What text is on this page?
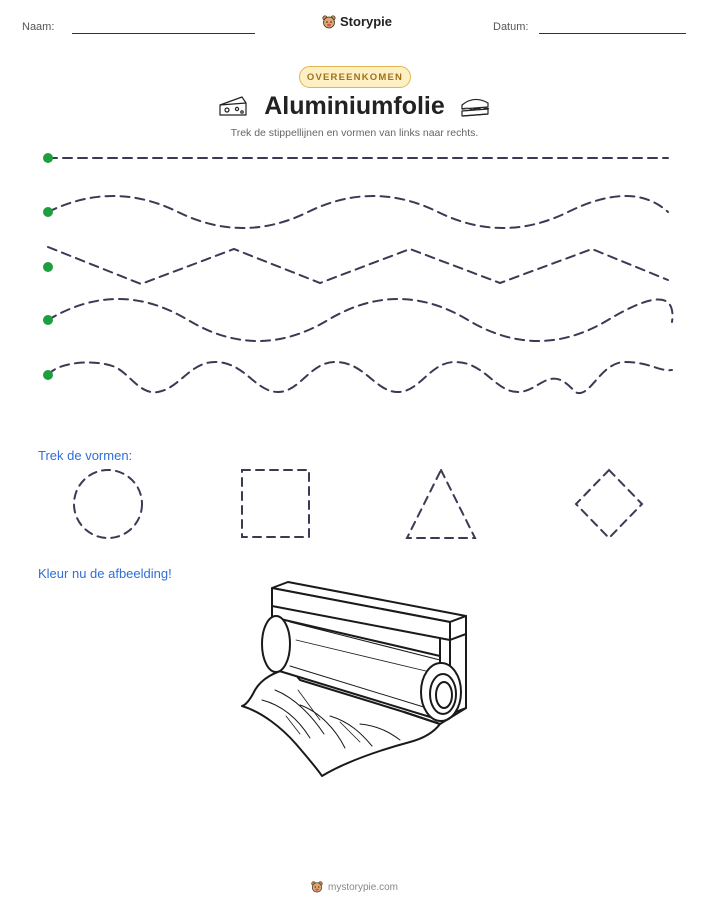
Naam:	Storypie	Datum:
OVEREENKOMEN
Aluminiumfolie
Trek de stippellijnen en vormen van links naar rechts.
Trek de vormen:
Kleur nu de afbeelding!
mystorypie.com
